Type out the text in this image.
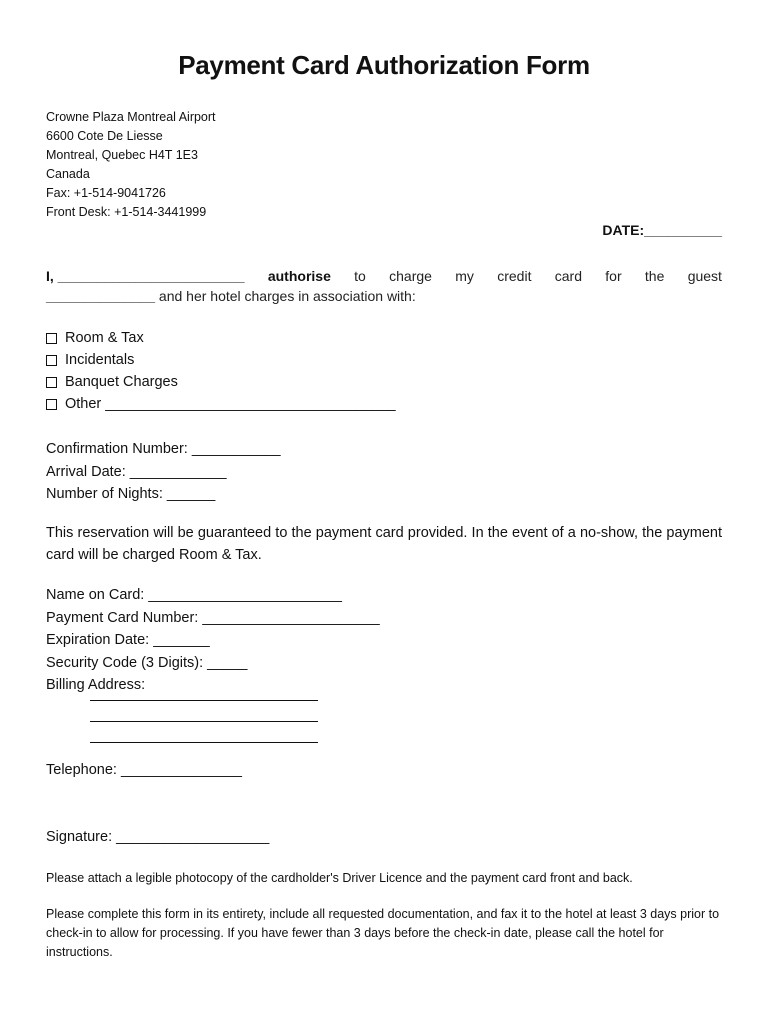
Payment Card Authorization Form
Crowne Plaza Montreal Airport
6600 Cote De Liesse
Montreal, Quebec H4T 1E3
Canada
Fax: +1-514-9041726
Front Desk: +1-514-3441999
DATE:__________
I, ________________________ authorise to charge my credit card for the guest
______________ and her hotel charges in association with:
Room & Tax
Incidentals
Banquet Charges
Other ____________________________________
Confirmation Number: ___________
Arrival Date: ____________
Number of Nights: ______
This reservation will be guaranteed to the payment card provided. In the event of a no-show, the payment card will be charged Room & Tax.
Name on Card: ________________________
Payment Card Number: ______________________
Expiration Date: _______
Security Code (3 Digits): _____
Billing Address:
Telephone: _______________
Signature: ___________________
Please attach a legible photocopy of the cardholder's Driver Licence and the payment card front and back.
Please complete this form in its entirety, include all requested documentation, and fax it to the hotel at least 3 days prior to check-in to allow for processing. If you have fewer than 3 days before the check-in date, please call the hotel for instructions.
